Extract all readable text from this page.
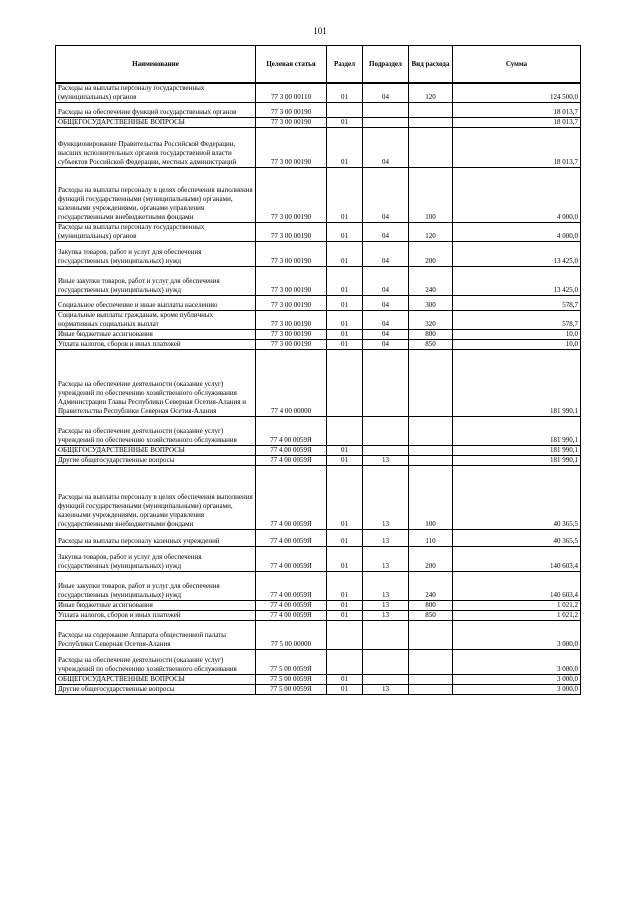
101
Наименование	Целевая статья	Раздел	Подраздел	Вид расхода	Сумма
Расходы на выплаты персоналу государственных (муниципальных) органов	77 3 00 00110	01	04	120	124 500,0
Расходы на обеспечение функций государственных органов	77 3 00 00190				18 013,7
ОБЩЕГОСУДАРСТВЕННЫЕ ВОПРОСЫ	77 3 00 00190	01			18 013,7
Функционирование Правительства Российской Федерации, высших исполнительных органов государственной власти субъектов Российской Федерации, местных администраций	77 3 00 00190	01	04		18 013,7
Расходы на выплаты персоналу в целях обеспечения выполнения функций государственными (муниципальными) органами, казенными учреждениями, органами управления государственными внебюджетными фондами	77 3 00 00190	01	04	100	4 000,0
Расходы на выплаты персоналу государственных (муниципальных) органов	77 3 00 00190	01	04	120	4 000,0
Закупка товаров, работ и услуг для обеспечения государственных (муниципальных) нужд	77 3 00 00190	01	04	200	13 425,0
Иные закупки товаров, работ и услуг для обеспечения государственных (муниципальных) нужд	77 3 00 00190	01	04	240	13 425,0
Социальное обеспечение и иные выплаты населению	77 3 00 00190	01	04	300	578,7
Социальные выплаты гражданам, кроме публичных нормативных социальных выплат	77 3 00 00190	01	04	320	578,7
Иные бюджетные ассигнования	77 3 00 00190	01	04	800	10,0
Уплата налогов, сборов и иных платежей	77 3 00 00190	01	04	850	10,0
Расходы на обеспечение деятельности (оказание услуг) учреждений по обеспечению хозяйственного обслуживания Администрации Главы Республики Северная Осетия-Алания и Правительства Республики Северная Осетия-Алания	77 4 00 00000				181 990,1
Расходы на обеспечение деятельности (оказание услуг) учреждений по обеспечению хозяйственного обслуживания	77 4 00 0059Я				181 990,1
ОБЩЕГОСУДАРСТВЕННЫЕ ВОПРОСЫ	77 4 00 0059Я	01			181 990,1
Другие общегосударственные вопросы	77 4 00 0059Я	01	13		181 990,1
Расходы на выплаты персоналу в целях обеспечения выполнения функций государственными (муниципальными) органами, казенными учреждениями, органами управления государственными внебюджетными фондами	77 4 00 0059Я	01	13	100	40 365,5
Расходы на выплаты персоналу казенных учреждений	77 4 00 0059Я	01	13	110	40 365,5
Закупка товаров, работ и услуг для обеспечения государственных (муниципальных) нужд	77 4 00 0059Я	01	13	200	140 603,4
Иные закупки товаров, работ и услуг для обеспечения государственных (муниципальных) нужд	77 4 00 0059Я	01	13	240	140 603,4
Иные бюджетные ассигнования	77 4 00 0059Я	01	13	800	1 021,2
Уплата налогов, сборов и иных платежей	77 4 00 0059Я	01	13	850	1 021,2
Расходы на содержание Аппарата общественной палаты Республики Северная Осетия-Алания	77 5 00 00000				3 000,0
Расходы на обеспечение деятельности (оказание услуг) учреждений по обеспечению хозяйственного обслуживания	77 5 00 0059Я				3 000,0
ОБЩЕГОСУДАРСТВЕННЫЕ ВОПРОСЫ	77 5 00 0059Я	01			3 000,0
Другие общегосударственные вопросы	77 5 00 0059Я	01	13		3 000,0
